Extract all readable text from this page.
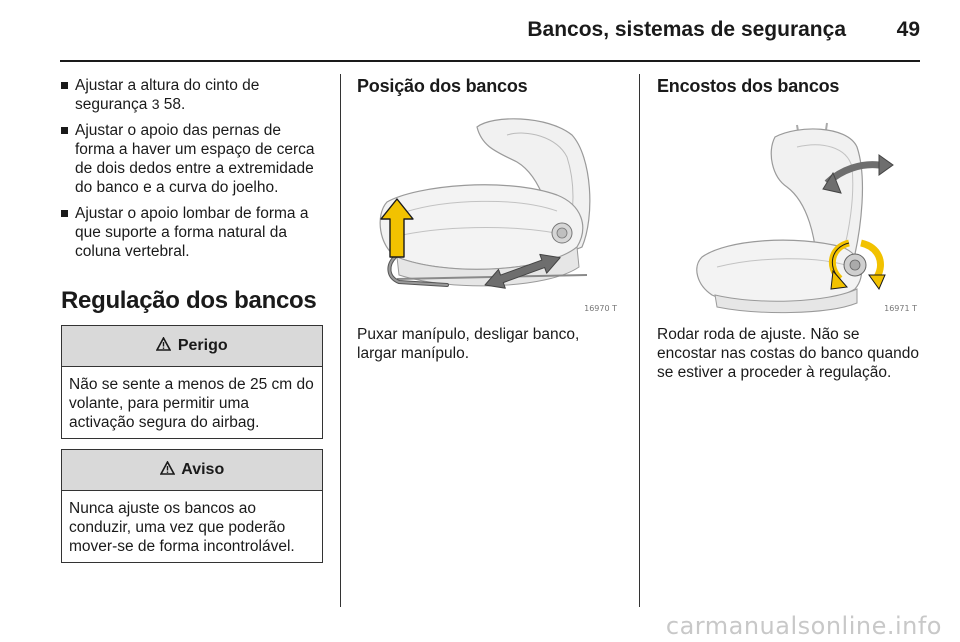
Bancos, sistemas de segurança 49
Ajustar a altura do cinto de segurança 3 58.
Ajustar o apoio das pernas de forma a haver um espaço de cerca de dois dedos entre a extremidade do banco e a curva do joelho.
Ajustar o apoio lombar de forma a que suporte a forma natural da coluna vertebral.
Regulação dos bancos
Perigo
Não se sente a menos de 25 cm do volante, para permitir uma activação segura do airbag.
Aviso
Nunca ajuste os bancos ao conduzir, uma vez que poderão mover-se de forma incontrolável.
Posição dos bancos
16970 T
Puxar manípulo, desligar banco, largar manípulo.
Encostos dos bancos
16971 T
Rodar roda de ajuste. Não se encostar nas costas do banco quando se estiver a proceder à regulação.
carmanualsonline.info
